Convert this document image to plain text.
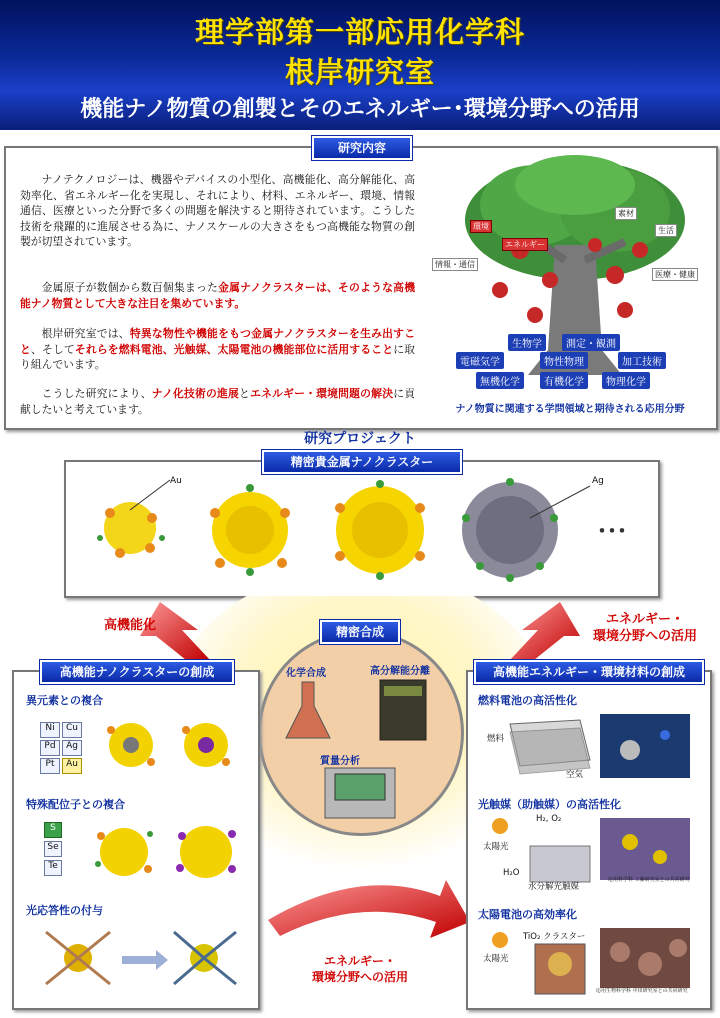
理学部第一部応用化学科
根岸研究室
機能ナノ物質の創製とそのエネルギー･環境分野への活用
研究内容
ナノテクノロジーは、機器やデバイスの小型化、高機能化、高分解能化、高効率化、省エネルギー化を実現し、それにより、材料、エネルギー、環境、情報通信、医療といった分野で多くの問題を解決すると期待されています。こうした技術を飛躍的に進展させる為に、ナノスケールの大きさをもつ高機能な物質の創製が切望されています。
金属原子が数個から数百個集まった金属ナノクラスターは、そのような高機能ナノ物質として大きな注目を集めています。
根岸研究室では、特異な物性や機能をもつ金属ナノクラスターを生み出すこと、そしてそれらを燃料電池、光触媒、太陽電池の機能部位に活用することに取り組んでいます。
こうした研究により、ナノ化技術の進展とエネルギー・環境問題の解決に貢献したいと考えています。
環境
エネルギー
素材
生活
情報・通信
医療・健康
生物学	測定・観測
電磁気学	物性物理	加工技術
無機化学	有機化学	物理化学
ナノ物質に関連する学問領域と期待される応用分野
研究プロジェクト
精密貴金属ナノクラスター
Au	Ag
･･･
高機能化	エネルギー・
環境分野への活用
精密合成
化学合成	高分解能分離
質量分析
高機能ナノクラスターの創成
異元素との複合
Ni	Cu
Pd	Ag
Pt	Au
特殊配位子との複合
S
Se
Te
光応答性の付与
高機能エネルギー・環境材料の創成
燃料電池の高活性化
燃料
空気
光触媒（助触媒）の高活性化
H₂, O₂
太陽光
H₂O
水分解光触媒
応用科学科 工藤研究室との共同研究
太陽電池の高効率化
TiO₂ クラスター
太陽光
応用生物科学科 中田研究室との共同研究
エネルギー・
環境分野への活用
